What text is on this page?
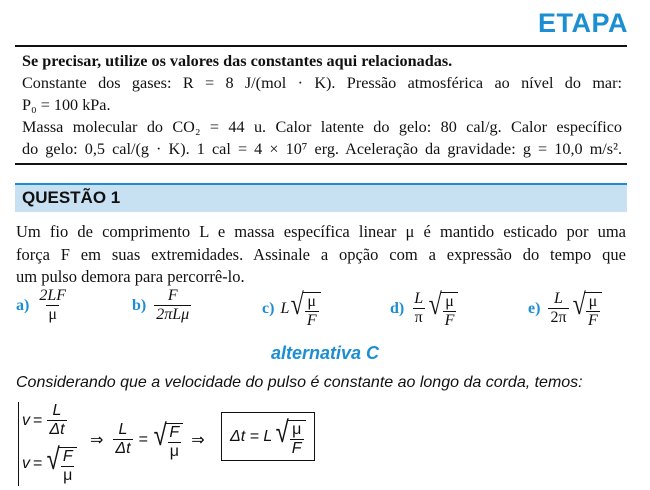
ETAPA

Se precisar, utilize os valores das constantes aqui relacionadas.

Constante dos gases: R = 8 J/(mol · K). Pressão atmosférica ao nível do mar:

P₀ = 100 kPa.

Massa molecular do CO₂ = 44 u. Calor latente do gelo: 80 cal/g. Calor específico

do gelo: 0,5 cal/(g · K). 1 cal = 4 × 10⁷ erg. Aceleração da gravidade: g = 10,0 m/s².

QUESTÃO 1

Um fio de comprimento L e massa específica linear μ é mantido esticado por uma

força F em suas extremidades. Assinale a opção com a expressão do tempo que

um pulso demora para percorrê-lo.

$a) \frac{2LF}{\mu}$	$b) \frac{F}{\text{2πLμ}}$	c) L √ $\frac{\mu}{F}$	$d) \frac{L}{\pi}$ √ $\frac{\mu}{F}$	$e) \frac{L}{2\pi}$ √ $\frac{\mu}{F}$
alternativa C
Considerando que a velocidade do pulso é constante ao longo da corda, temos:
$v = \frac{L}{\Delta t}$
v = √ $\frac{F}{\mu}$
⇒ $\frac{L}{\Delta t}$ = √ $\frac{F}{\mu}$ ⇒ Δt = L √ $\frac{\mu}{F}$
